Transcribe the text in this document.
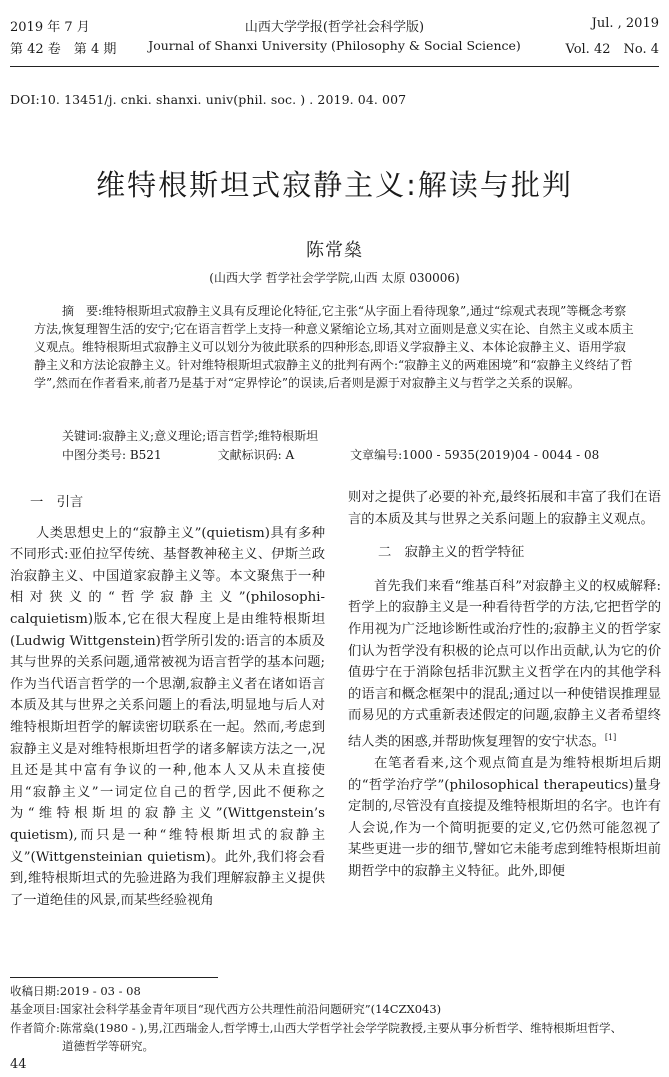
2019 年 7 月
第 42 卷　第 4 期
山西大学学报(哲学社会科学版)
Journal of Shanxi University (Philosophy & Social Science)
Jul. , 2019
Vol. 42　No. 4
DOI:10. 13451/j. cnki. shanxi. univ(phil. soc. ) . 2019. 04. 007
维特根斯坦式寂静主义:解读与批判
陈常燊
(山西大学 哲学社会学学院,山西 太原 030006)

摘　要:维特根斯坦式寂静主义具有反理论化特征,它主张“从字面上看待现象”,通过“综观式表现”等概念考察方法,恢复理智生活的安宁;它在语言哲学上支持一种意义紧缩论立场,其对立面则是意义实在论、自然主义或本质主义观点。维特根斯坦式寂静主义可以划分为彼此联系的四种形态,即语义学寂静主义、本体论寂静主义、语用学寂静主义和方法论寂静主义。针对维特根斯坦式寂静主义的批判有两个:“寂静主义的两难困境”和“寂静主义终结了哲学”,然而在作者看来,前者乃是基于对“定界悖论”的误读,后者则是源于对寂静主义与哲学之关系的误解。

关键词:寂静主义;意义理论;语言哲学;维特根斯坦
中图分类号: B521	文献标识码: A	文章编号:1000 - 5935(2019)04 - 0044 - 08
一　引言

人类思想史上的“寂静主义”(quietism)具有多种不同形式:亚伯拉罕传统、基督教神秘主义、伊斯兰政治寂静主义、中国道家寂静主义等。本文聚焦于一种相对狭义的“哲学寂静主义”(philosophi-calquietism)版本,它在很大程度上是由维特根斯坦(Ludwig Wittgenstein)哲学所引发的:语言的本质及其与世界的关系问题,通常被视为语言哲学的基本问题;作为当代语言哲学的一个思潮,寂静主义者在诸如语言本质及其与世界之关系问题上的看法,明显地与后人对维特根斯坦哲学的解读密切联系在一起。然而,考虑到寂静主义是对维特根斯坦哲学的诸多解读方法之一,况且还是其中富有争议的一种,他本人又从未直接使用“寂静主义”一词定位自己的哲学,因此不便称之为“维特根斯坦的寂静主义”(Wittgenstein’s quietism),而只是一种“维特根斯坦式的寂静主义”(Wittgensteinian quietism)。此外,我们将会看到,维特根斯坦式的先验进路为我们理解寂静主义提供了一道绝佳的风景,而某些经验视角

则对之提供了必要的补充,最终拓展和丰富了我们在语言的本质及其与世界之关系问题上的寂静主义观点。

二　寂静主义的哲学特征

首先我们来看“维基百科”对寂静主义的权威解释:哲学上的寂静主义是一种看待哲学的方法,它把哲学的作用视为广泛地诊断性或治疗性的;寂静主义的哲学家们认为哲学没有积极的论点可以作出贡献,认为它的价值毋宁在于消除包括非沉默主义哲学在内的其他学科的语言和概念框架中的混乱;通过以一种使错误推理显而易见的方式重新表述假定的问题,寂静主义者希望终结人类的困惑,并帮助恢复理智的安宁状态。[1]

在笔者看来,这个观点简直是为维特根斯坦后期的“哲学治疗学”(philosophical therapeutics)量身定制的,尽管没有直接提及维特根斯坦的名字。也许有人会说,作为一个简明扼要的定义,它仍然可能忽视了某些更进一步的细节,譬如它未能考虑到维特根斯坦前期哲学中的寂静主义特征。此外,即便

收稿日期:2019 - 03 - 08
基金项目:国家社会科学基金青年项目“现代西方公共理性前沿问题研究”(14CZX043)
作者简介:陈常燊(1980 - ),男,江西瑞金人,哲学博士,山西大学哲学社会学学院教授,主要从事分析哲学、维特根斯坦哲学、
道德哲学等研究。
44
